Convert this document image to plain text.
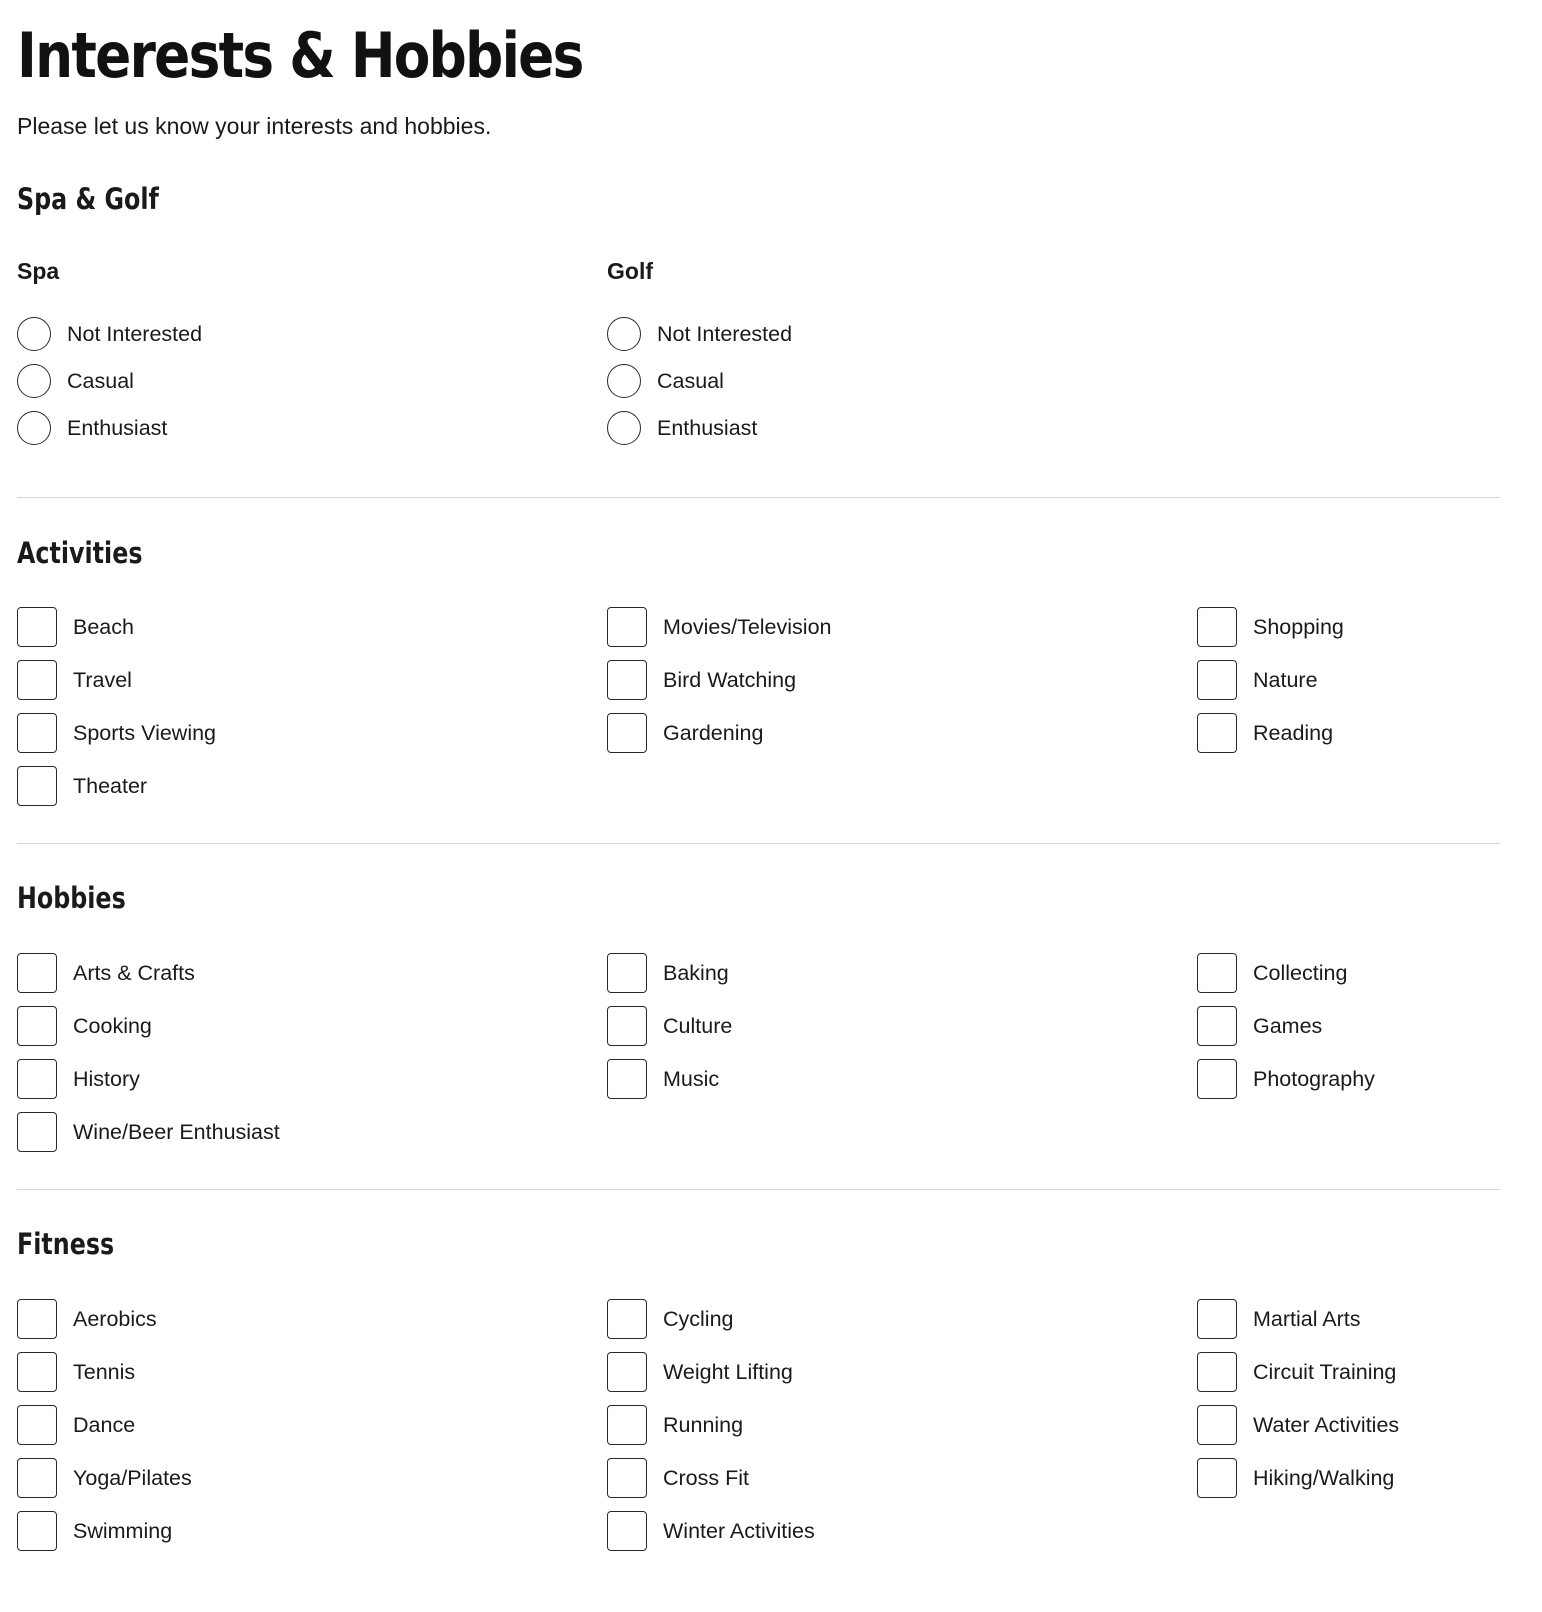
Interests & Hobbies

Please let us know your interests and hobbies.

Spa & Golf
Spa
Not Interested
Casual
Enthusiast
Golf
Not Interested
Casual
Enthusiast
Activities
Beach
Travel
Sports Viewing
Theater
Movies/Television
Bird Watching
Gardening
Shopping
Nature
Reading
Hobbies
Arts & Crafts
Cooking
History
Wine/Beer Enthusiast
Baking
Culture
Music
Collecting
Games
Photography
Fitness
Aerobics
Tennis
Dance
Yoga/Pilates
Swimming
Cycling
Weight Lifting
Running
Cross Fit
Winter Activities
Martial Arts
Circuit Training
Water Activities
Hiking/Walking
